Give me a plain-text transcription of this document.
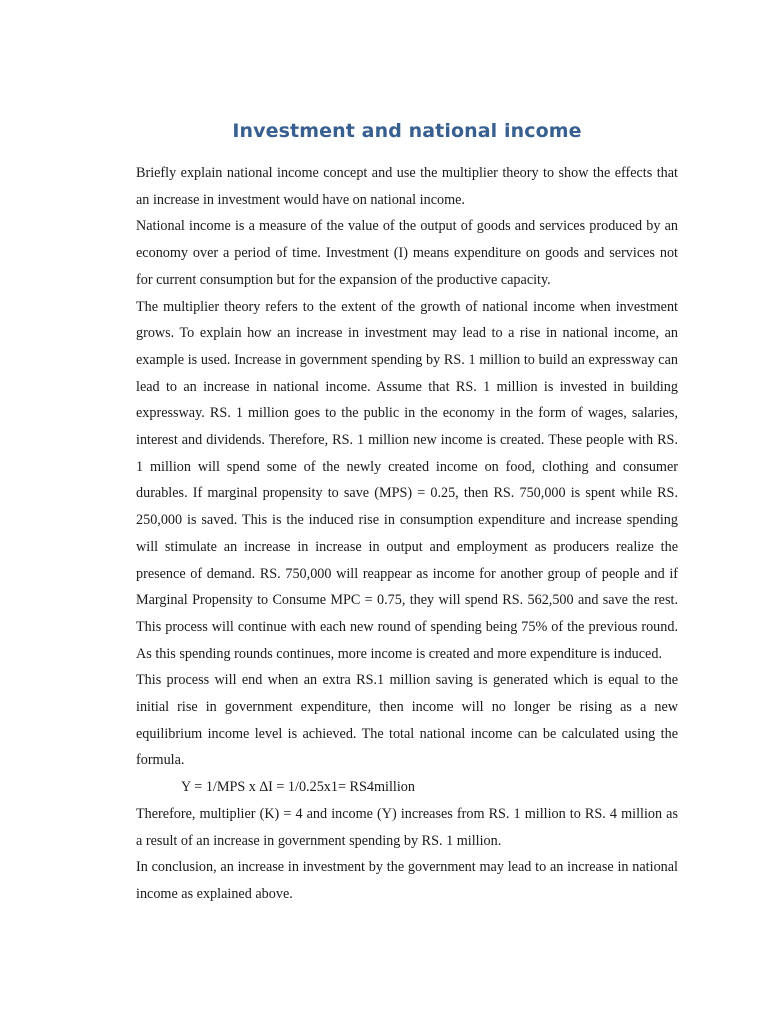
Investment and national income

Briefly explain national income concept and use the multiplier theory to show the effects that an increase in investment would have on national income.

National income is a measure of the value of the output of goods and services produced by an economy over a period of time. Investment (I) means expenditure on goods and services not for current consumption but for the expansion of the productive capacity.

The multiplier theory refers to the extent of the growth of national income when investment grows. To explain how an increase in investment may lead to a rise in national income, an example is used. Increase in government spending by RS. 1 million to build an expressway can lead to an increase in national income. Assume that RS. 1 million is invested in building expressway. RS. 1 million goes to the public in the economy in the form of wages, salaries, interest and dividends. Therefore, RS. 1 million new income is created. These people with RS. 1 million will spend some of the newly created income on food, clothing and consumer durables. If marginal propensity to save (MPS) = 0.25, then RS. 750,000 is spent while RS. 250,000 is saved. This is the induced rise in consumption expenditure and increase spending will stimulate an increase in increase in output and employment as producers realize the presence of demand. RS. 750,000 will reappear as income for another group of people and if Marginal Propensity to Consume MPC = 0.75, they will spend RS. 562,500 and save the rest. This process will continue with each new round of spending being 75% of the previous round. As this spending rounds continues, more income is created and more expenditure is induced.

This process will end when an extra RS.1 million saving is generated which is equal to the initial rise in government expenditure, then income will no longer be rising as a new equilibrium income level is achieved. The total national income can be calculated using the formula.

Y = 1/MPS x ∆I = 1/0.25x1= RS4million

Therefore, multiplier (K) = 4 and income (Y) increases from RS. 1 million to RS. 4 million as a result of an increase in government spending by RS. 1 million.

In conclusion, an increase in investment by the government may lead to an increase in national income as explained above.
